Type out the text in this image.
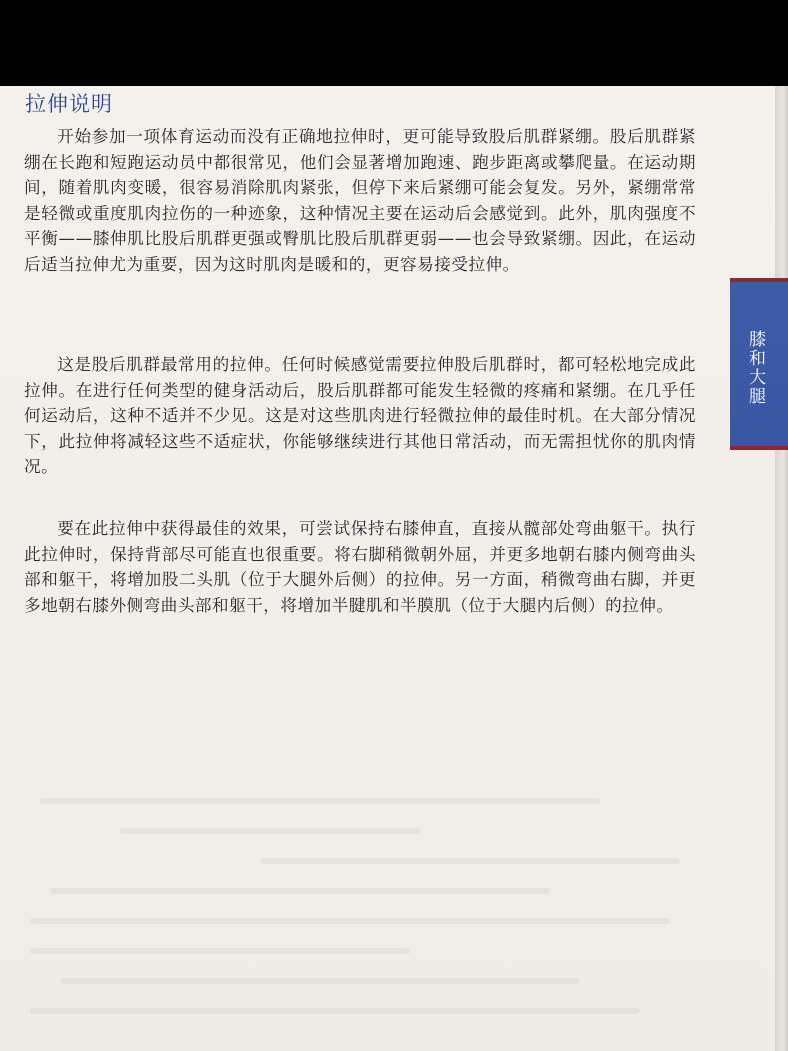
拉伸说明

开始参加一项体育运动而没有正确地拉伸时，更可能导致股后肌群紧绷。股后肌群紧绷在长跑和短跑运动员中都很常见，他们会显著增加跑速、跑步距离或攀爬量。在运动期间，随着肌肉变暖，很容易消除肌肉紧张，但停下来后紧绷可能会复发。另外，紧绷常常是轻微或重度肌肉拉伤的一种迹象，这种情况主要在运动后会感觉到。此外，肌肉强度不平衡——膝伸肌比股后肌群更强或臀肌比股后肌群更弱——也会导致紧绷。因此，在运动后适当拉伸尤为重要，因为这时肌肉是暖和的，更容易接受拉伸。

这是股后肌群最常用的拉伸。任何时候感觉需要拉伸股后肌群时，都可轻松地完成此拉伸。在进行任何类型的健身活动后，股后肌群都可能发生轻微的疼痛和紧绷。在几乎任何运动后，这种不适并不少见。这是对这些肌肉进行轻微拉伸的最佳时机。在大部分情况下，此拉伸将减轻这些不适症状，你能够继续进行其他日常活动，而无需担忧你的肌肉情况。

要在此拉伸中获得最佳的效果，可尝试保持右膝伸直，直接从髋部处弯曲躯干。执行此拉伸时，保持背部尽可能直也很重要。将右脚稍微朝外屈，并更多地朝右膝内侧弯曲头部和躯干，将增加股二头肌（位于大腿外后侧）的拉伸。另一方面，稍微弯曲右脚，并更多地朝右膝外侧弯曲头部和躯干，将增加半腱肌和半膜肌（位于大腿内后侧）的拉伸。

膝和大腿
